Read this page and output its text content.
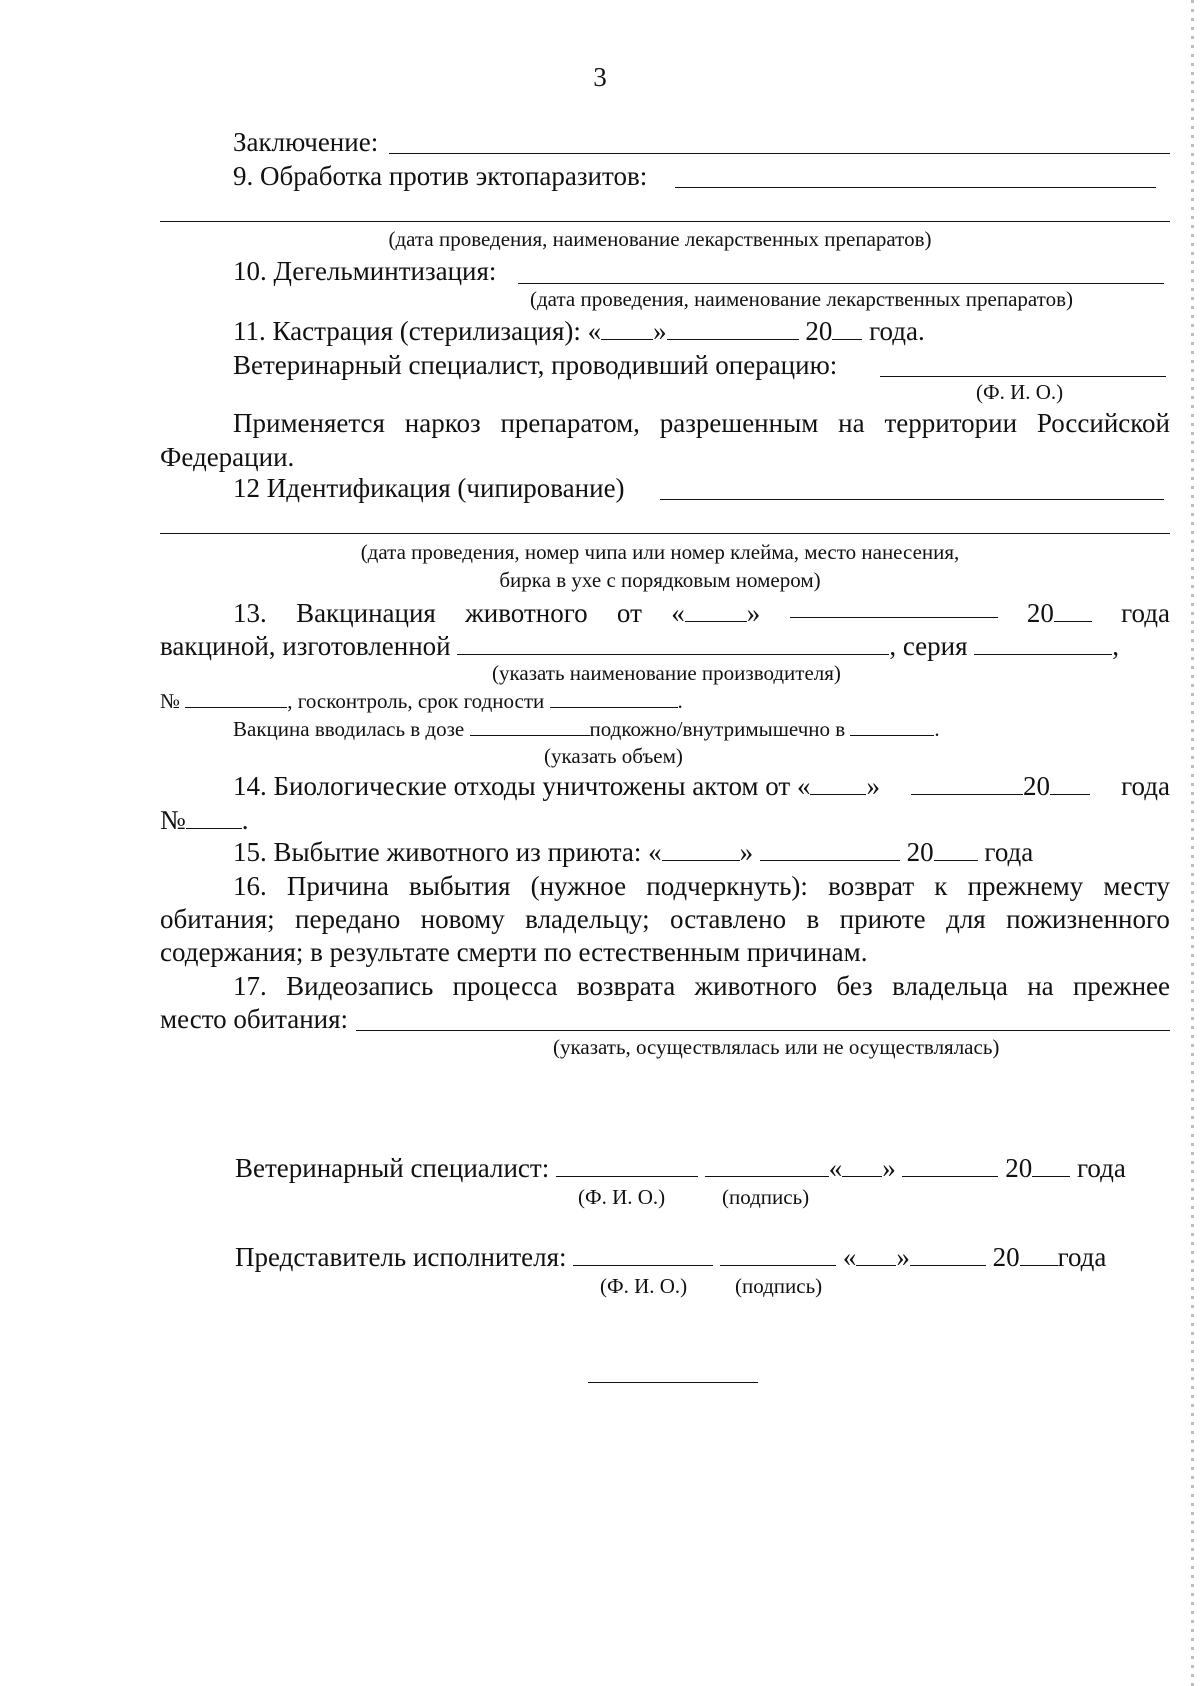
3
Заключение:
9. Обработка против эктопаразитов:
(дата проведения, наименование лекарственных препаратов)
10. Дегельминтизация:
(дата проведения, наименование лекарственных препаратов)
11. Кастрация (стерилизация): « »	20 года.
Ветеринарный специалист, проводивший операцию:
(Ф. И. О.)
Применяется наркоз препаратом, разрешенным на территории Российской
Федерации.
12 Идентификация (чипирование)
(дата проведения, номер чипа или номер клейма, место нанесения,
бирка в ухе с порядковым номером)
13. Вакцинация животного от « »	20	года
вакциной, изготовленной	, серия	,
(указать наименование производителя)
№	, госконтроль, срок годности	.
Вакцина вводилась в дозе	подкожно/внутримышечно в	.
(указать объем)
14. Биологические отходы уничтожены актом от « »	20	года
№ .
15. Выбытие животного из приюта: «	»	20 года
16. Причина выбытия (нужное подчеркнуть): возврат к прежнему месту
обитания; передано новому владельцу; оставлено в приюте для пожизненного
содержания; в результате смерти по естественным причинам.
17. Видеозапись процесса возврата животного без владельца на прежнее
место обитания:
(указать, осуществлялась или не осуществлялась)
Ветеринарный специалист:	« »	20 года
(Ф. И. О.)	(подпись)
Представитель исполнителя:	« »	20 года
(Ф. И. О.) (подпись)
